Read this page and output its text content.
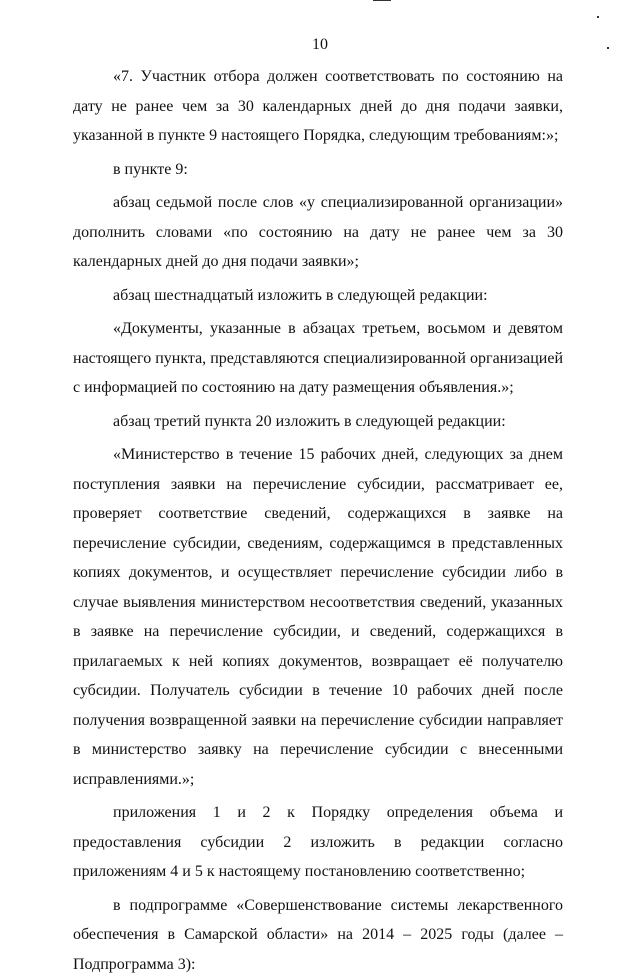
10

«7. Участник отбора должен соответствовать по состоянию на дату не ранее чем за 30 календарных дней до дня подачи заявки, указанной в пункте 9 настоящего Порядка, следующим требованиям:»;

в пункте 9:

абзац седьмой после слов «у специализированной организации» дополнить словами «по состоянию на дату не ранее чем за 30 календарных дней до дня подачи заявки»;

абзац шестнадцатый изложить в следующей редакции:

«Документы, указанные в абзацах третьем, восьмом и девятом настоящего пункта, представляются специализированной организацией с информацией по состоянию на дату размещения объявления.»;

абзац третий пункта 20 изложить в следующей редакции:

«Министерство в течение 15 рабочих дней, следующих за днем поступления заявки на перечисление субсидии, рассматривает ее, проверяет соответствие сведений, содержащихся в заявке на перечисление субсидии, сведениям, содержащимся в представленных копиях документов, и осуществляет перечисление субсидии либо в случае выявления министерством несоответствия сведений, указанных в заявке на перечисление субсидии, и сведений, содержащихся в прилагаемых к ней копиях документов, возвращает её получателю субсидии. Получатель субсидии в течение 10 рабочих дней после получения возвращенной заявки на перечисление субсидии направляет в министерство заявку на перечисление субсидии с внесенными исправлениями.»;

приложения 1 и 2 к Порядку определения объема и предоставления субсидии 2 изложить в редакции согласно приложениям 4 и 5 к настоящему постановлению соответственно;

в подпрограмме «Совершенствование системы лекарственного обеспечения в Самарской области» на 2014 – 2025 годы (далее – Подпрограмма 3):
